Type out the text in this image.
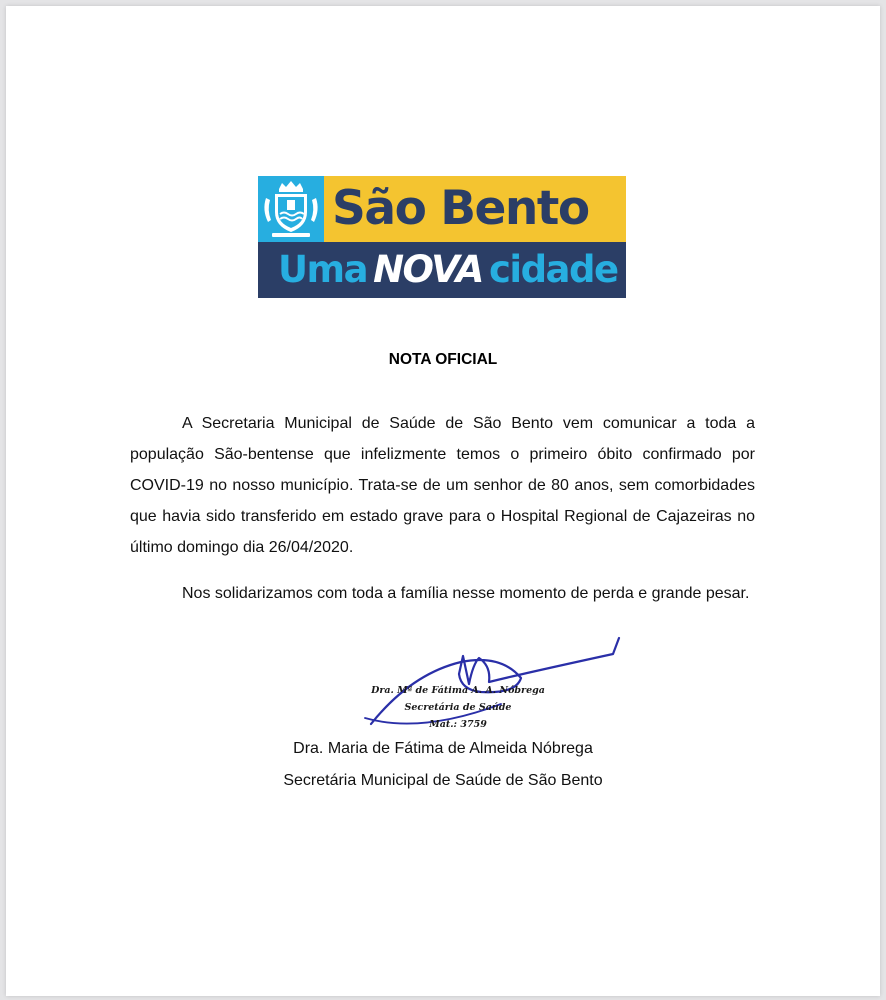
São Bento
Uma NOVA cidade
NOTA OFICIAL

A Secretaria Municipal de Saúde de São Bento vem comunicar a toda a população São-bentense que infelizmente temos o primeiro óbito confirmado por COVID-19 no nosso município. Trata-se de um senhor de 80 anos, sem comorbidades que havia sido transferido em estado grave para o Hospital Regional de Cajazeiras no último domingo dia 26/04/2020.

Nos solidarizamos com toda a família nesse momento de perda e grande pesar.

Dra. Mª de Fátima A. A. Nóbrega
Secretária de Saúde
Mat.: 3759
Dra. Maria de Fátima de Almeida Nóbrega
Secretária Municipal de Saúde de São Bento
